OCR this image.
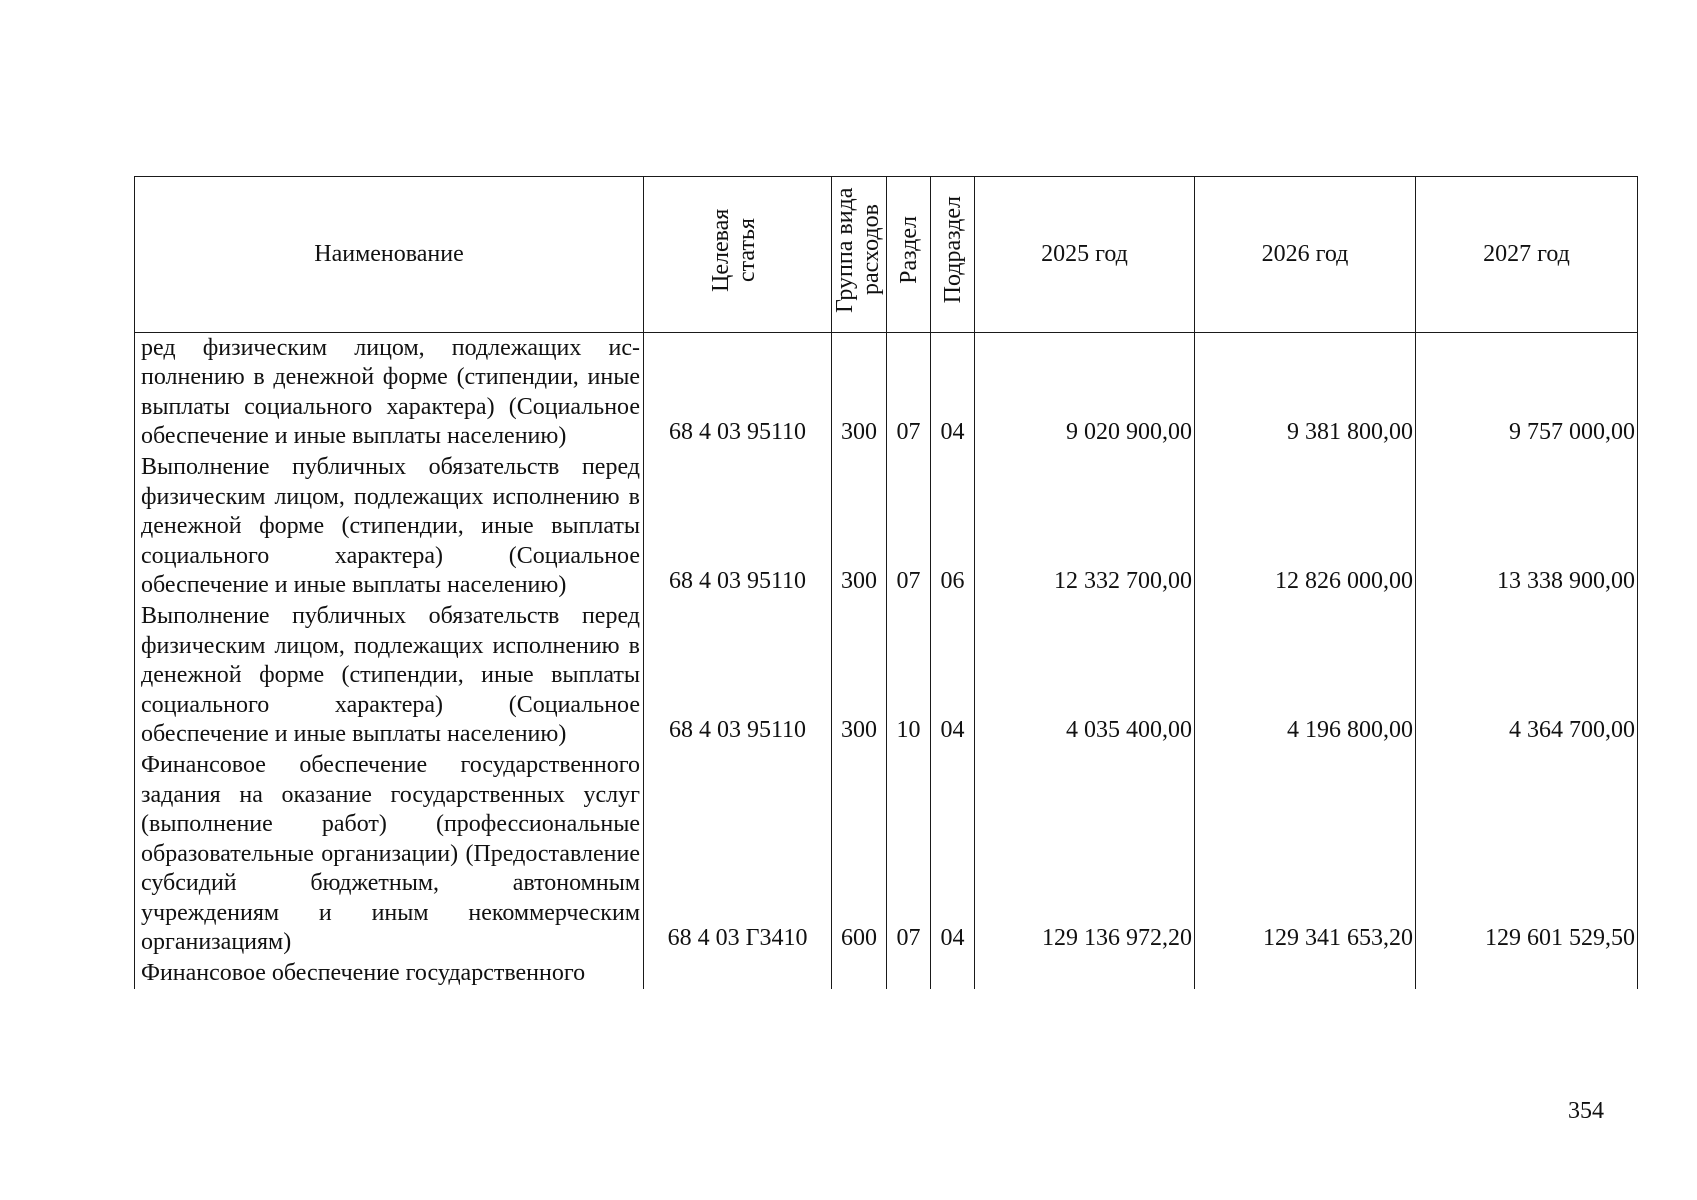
Наименование	Целевая статья	Группа вида расходов	Раздел	Подраздел	2025 год	2026 год	2027 год
ред физическим лицом, подлежащих исполнению в денежной форме (стипендии, иные выплаты социального характера) (Социальное обеспечение и иные выплаты населению)	68 4 03 95110	300	07	04	9 020 900,00	9 381 800,00	9 757 000,00
Выполнение публичных обязательств перед физическим лицом, подлежащих исполнению в денежной форме (стипендии, иные выплаты социального характера) (Социальное обеспечение и иные выплаты населению)	68 4 03 95110	300	07	06	12 332 700,00	12 826 000,00	13 338 900,00
Выполнение публичных обязательств перед физическим лицом, подлежащих исполнению в денежной форме (стипендии, иные выплаты социального характера) (Социальное обеспечение и иные выплаты населению)	68 4 03 95110	300	10	04	4 035 400,00	4 196 800,00	4 364 700,00
Финансовое обеспечение государственного задания на оказание государственных услуг (выполнение работ) (профессиональные образовательные организации) (Предоставление субсидий бюджетным, автономным учреждениям и иным некоммерческим организациям)	68 4 03 Г3410	600	07	04	129 136 972,20	129 341 653,20	129 601 529,50
Финансовое обеспечение государственного							
354
